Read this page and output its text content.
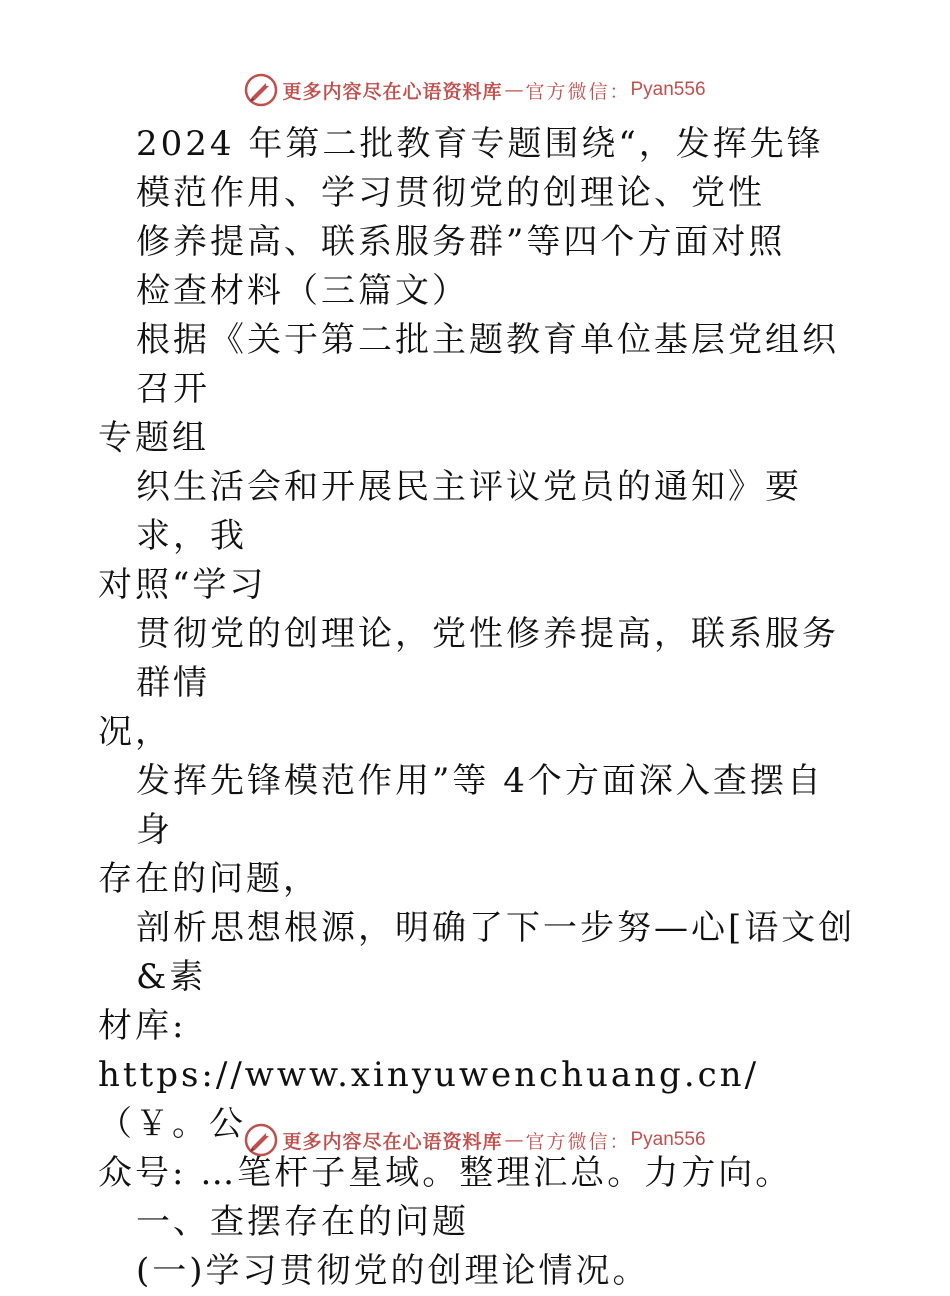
更多内容尽在心语资料库 — 官方微信： Pyan556

2024 年第二批教育专题围绕“，发挥先锋

模范作用、学习贯彻党的创理论、党性

修养提高、联系服务群”等四个方面对照

检查材料（三篇文）

根据《关于第二批主题教育单位基层党组织召开

专题组

织生活会和开展民主评议党员的通知》要求，我

对照“学习

贯彻党的创理论，党性修养提高，联系服务群情

况，

发挥先锋模范作用”等 4个方面深入查摆自身

存在的问题，

剖析思想根源，明确了下一步努—心[语文创&素

材库: https://www.xinyuwenchuang.cn/（￥。公

众号: …笔杆子星域。整理汇总。力方向。

一、查摆存在的问题

(一)学习贯彻党的创理论情况。

更多内容尽在心语资料库 — 官方微信： Pyan556
